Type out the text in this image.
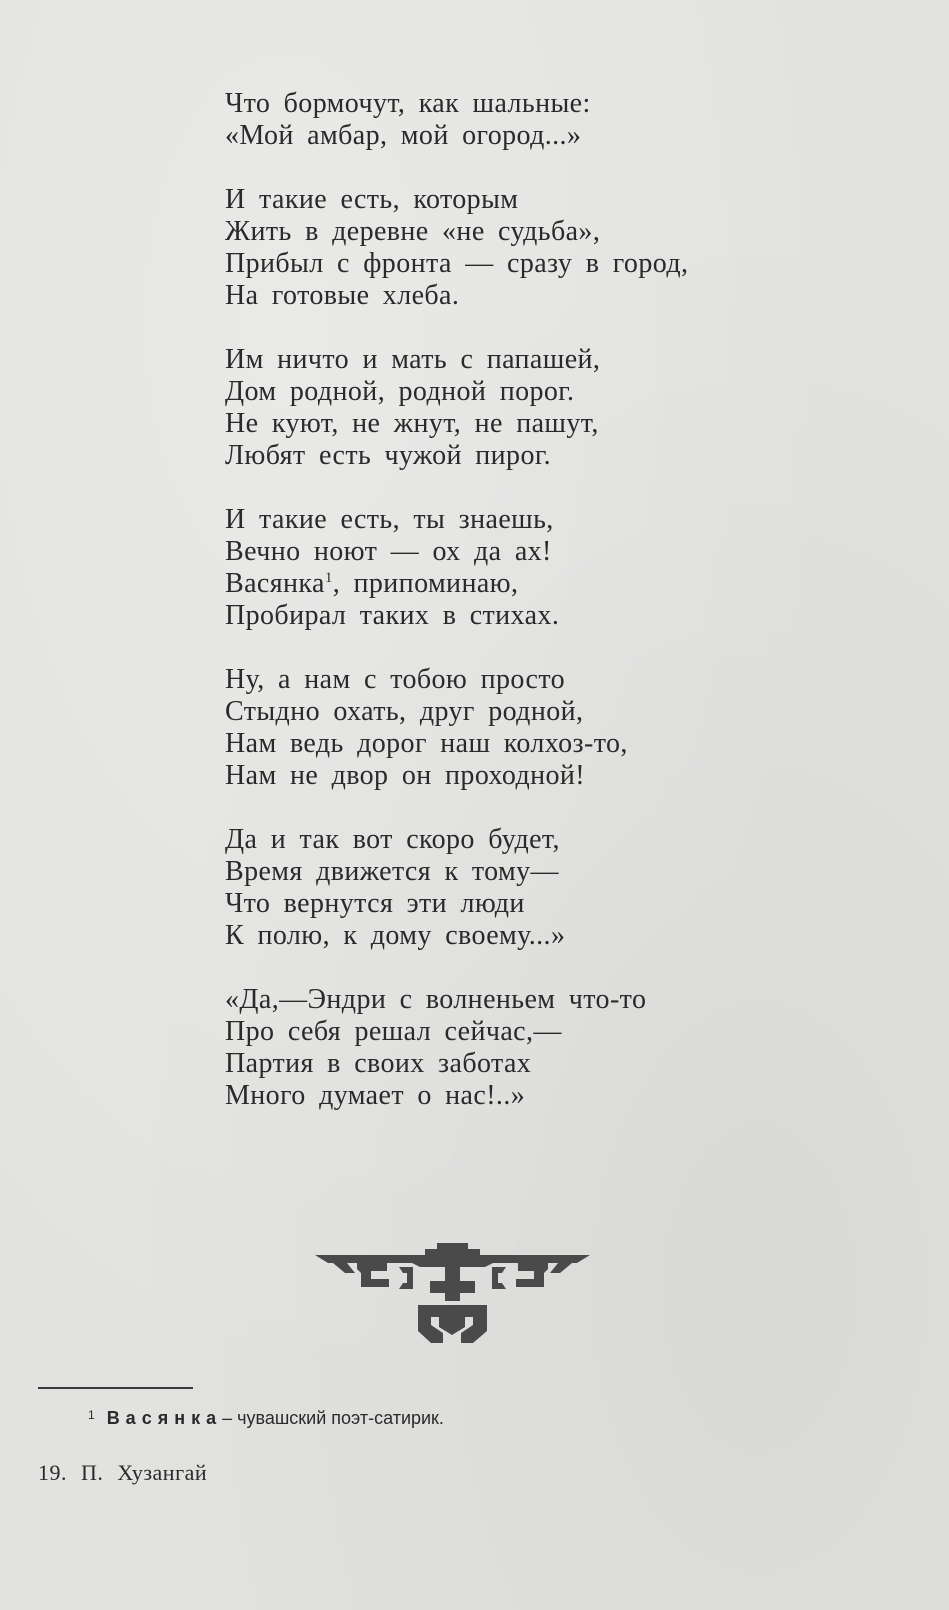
Что бормочут, как шальные:
«Мой амбар, мой огород...»
И такие есть, которым
Жить в деревне «не судьба»,
Прибыл с фронта — сразу в город,
На готовые хлеба.
Им ничто и мать с папашей,
Дом родной, родной порог.
Не куют, не жнут, не пашут,
Любят есть чужой пирог.
И такие есть, ты знаешь,
Вечно ноют — ох да ах!
Васянка$^1$, припоминаю,
Пробирал таких в стихах.
Ну, а нам с тобою просто
Стыдно охать, друг родной,
Нам ведь дорог наш колхоз-то,
Нам не двор он проходной!
Да и так вот скоро будет,
Время движется к тому—
Что вернутся эти люди
К полю, к дому своему...»
«Да,—Эндри с волненьем что-то
Про себя решал сейчас,—
Партия в своих заботах
Много думает о нас!..»
$^1$ Васянка– чувашский поэт-сатирик.
19. П. Хузангай
